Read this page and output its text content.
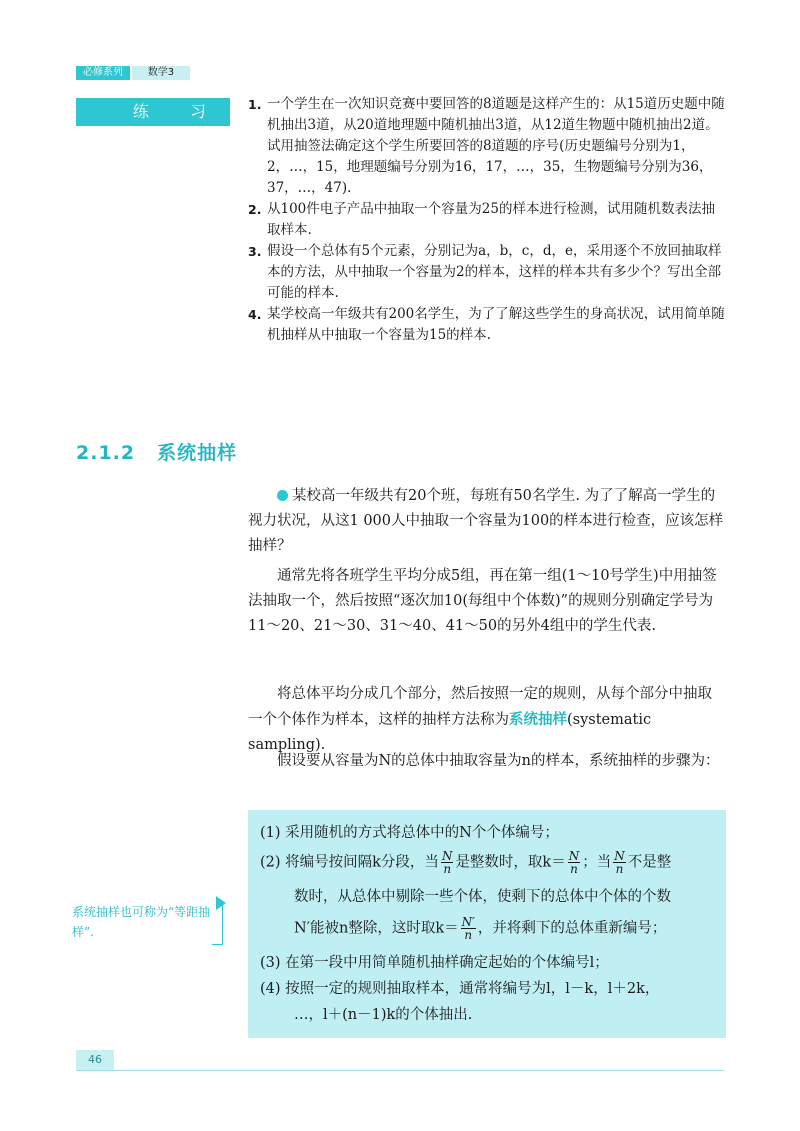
必修系列	数学3
练 习	1. 一个学生在一次知识竞赛中要回答的8道题是这样产生的：从15道历史题中随机抽出3道，从20道地理题中随机抽出3道，从12道生物题中随机抽出2道。试用抽签法确定这个学生所要回答的8道题的序号(历史题编号分别为1，2，…，15，地理题编号分别为16，17，…，35，生物题编号分别为36，37，…，47).
2. 从100件电子产品中抽取一个容量为25的样本进行检测，试用随机数表法抽取样本.
3. 假设一个总体有5个元素，分别记为a，b，c，d，e，采用逐个不放回抽取样本的方法，从中抽取一个容量为2的样本，这样的样本共有多少个？写出全部可能的样本.
4. 某学校高一年级共有200名学生，为了了解这些学生的身高状况，试用简单随机抽样从中抽取一个容量为15的样本.
2.1.2 系统抽样

某校高一年级共有20个班，每班有50名学生. 为了了解高一学生的视力状况，从这1 000人中抽取一个容量为100的样本进行检查，应该怎样抽样？

通常先将各班学生平均分成5组，再在第一组(1～10号学生)中用抽签法抽取一个，然后按照“逐次加10(每组中个体数)”的规则分别确定学号为11～20、21～30、31～40、41～50的另外4组中的学生代表.

将总体平均分成几个部分，然后按照一定的规则，从每个部分中抽取一个个体作为样本，这样的抽样方法称为系统抽样(systematic sampling).

假设要从容量为N的总体中抽取容量为n的样本，系统抽样的步骤为：

(1) 采用随机的方式将总体中的N个个体编号；
(2) 将编号按间隔k分段，当 $\frac{N}{n}$ 是整数时，取$k= \frac{N}{n}$ ；当 $\frac{N}{n}$ 不是整
数时，从总体中剔除一些个体，使剩下的总体中个体的个数
N′能被n整除，这时取$k= \frac{N'}{n}$ ，并将剩下的总体重新编号；
(3) 在第一段中用简单随机抽样确定起始的个体编号l；
(4) 按照一定的规则抽取样本，通常将编号为l，l－k，l＋2k，
…，l＋(n－1)k的个体抽出.
系统抽样也可称为“等距抽样”.
46
